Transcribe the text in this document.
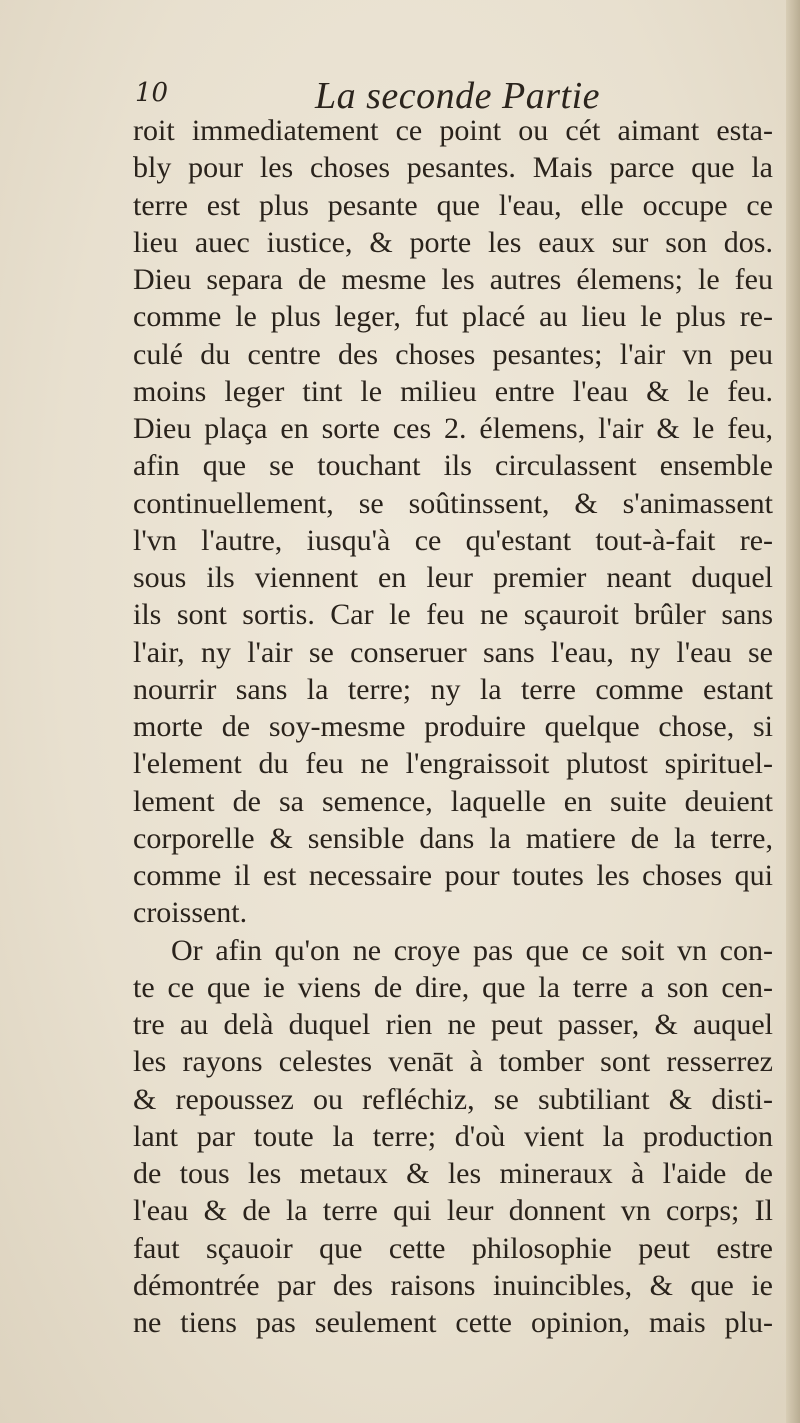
10	La seconde Partie
roit immediatement ce point ou cét aimant esta-
bly pour les choses pesantes. Mais parce que la
terre est plus pesante que l'eau, elle occupe ce
lieu auec iustice, & porte les eaux sur son dos.
Dieu separa de mesme les autres élemens; le feu
comme le plus leger, fut placé au lieu le plus re-
culé du centre des choses pesantes; l'air vn peu
moins leger tint le milieu entre l'eau & le feu.
Dieu plaça en sorte ces 2. élemens, l'air & le feu,
afin que se touchant ils circulassent ensemble
continuellement, se soûtinssent, & s'animassent
l'vn l'autre, iusqu'à ce qu'estant tout-à-fait re-
sous ils viennent en leur premier neant duquel
ils sont sortis. Car le feu ne sçauroit brûler sans
l'air, ny l'air se conseruer sans l'eau, ny l'eau se
nourrir sans la terre; ny la terre comme estant
morte de soy-mesme produire quelque chose, si
l'element du feu ne l'engraissoit plutost spirituel-
lement de sa semence, laquelle en suite deuient
corporelle & sensible dans la matiere de la terre,
comme il est necessaire pour toutes les choses qui
croissent.
Or afin qu'on ne croye pas que ce soit vn con-
te ce que ie viens de dire, que la terre a son cen-
tre au delà duquel rien ne peut passer, & auquel
les rayons celestes venāt à tomber sont resserrez
& repoussez ou refléchiz, se subtiliant & disti-
lant par toute la terre; d'où vient la production
de tous les metaux & les mineraux à l'aide de
l'eau & de la terre qui leur donnent vn corps; Il
faut sçauoir que cette philosophie peut estre
démontrée par des raisons inuincibles, & que ie
ne tiens pas seulement cette opinion, mais plu-
